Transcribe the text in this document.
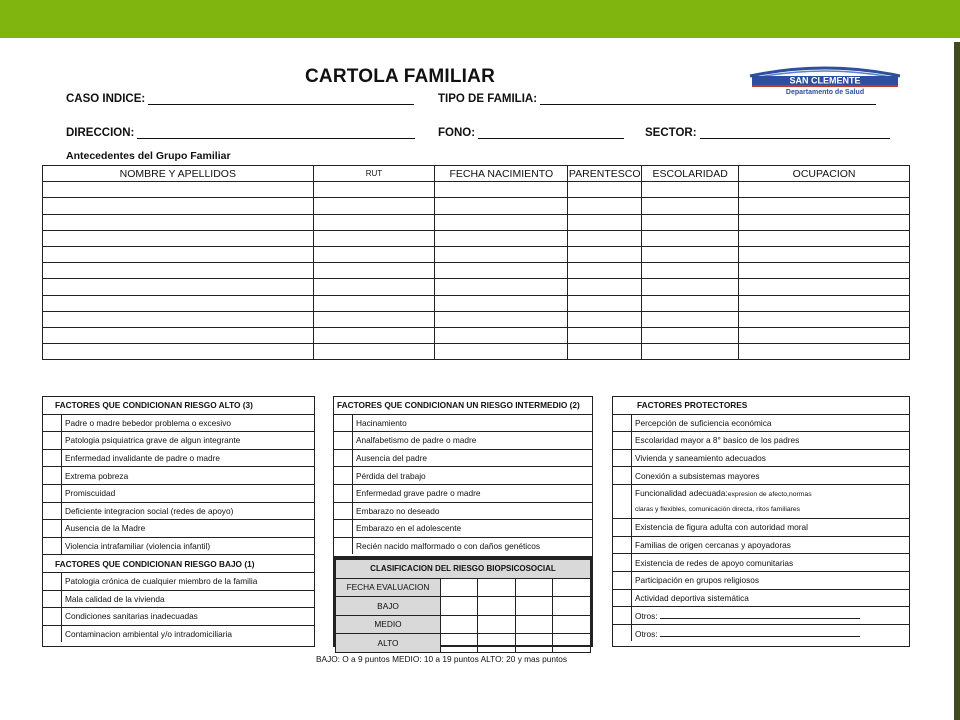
CARTOLA FAMILIAR	SAN CLEMENTE
Departamento de Salud
CASO INDICE:	TIPO DE FAMILIA:
DIRECCION:	FONO:	SECTOR:
Antecedentes del Grupo Familiar
NOMBRE Y APELLIDOS	RUT	FECHA NACIMIENTO	PARENTESCO	ESCOLARIDAD	OCUPACION

FACTORES QUE CONDICIONAN RIESGO ALTO (3)	
	Padre o madre bebedor problema o excesivo
	Patologia psiquiatrica grave de algun integrante
	Enfermedad invalidante de padre o madre
	Extrema pobreza
	Promiscuidad
	Deficiente integracion social (redes de apoyo)
	Ausencia de la Madre
	Violencia intrafamiliar (violencia infantil)
FACTORES QUE CONDICIONAN RIESGO BAJO (1)	
	Patologia crónica de cualquier miembro de la familia
	Mala calidad de la vivienda
	Condiciones sanitarias inadecuadas
	Contaminacion ambiental y/o intradomiciliaria
FACTORES QUE CONDICIONAN UN RIESGO INTERMEDIO (2)	
	Hacinamiento
	Analfabetismo de padre o madre
	Ausencia del padre
	Pérdida del trabajo
	Enfermedad grave padre o madre
	Embarazo no deseado
	Embarazo en el adolescente
	Recién nacido malformado o con daños genéticos
CLASIFICACION DEL RIESGO BIOPSICOSOCIAL				
FECHA EVALUACION				
BAJO				
MEDIO				
ALTO				
FACTORES PROTECTORES	
	Percepción de suficiencia económica
	Escolaridad mayor a 8° basico de los padres
	Vivienda y saneamiento adecuados
	Conexión a subsistemas mayores
	Funcionalidad adecuada:expresion de afecto,normas
	claras y flexibles, comunicación directa, ritos familiares
	Existencia de figura adulta con autoridad moral
	Familias de origen cercanas y apoyadoras
	Existencia de redes de apoyo comunitarias
	Participación en grupos religiosos
	Actividad deportiva sistemática
	Otros:
	Otros:
BAJO: O a 9 puntos MEDIO: 10 a 19 puntos ALTO: 20 y mas puntos
